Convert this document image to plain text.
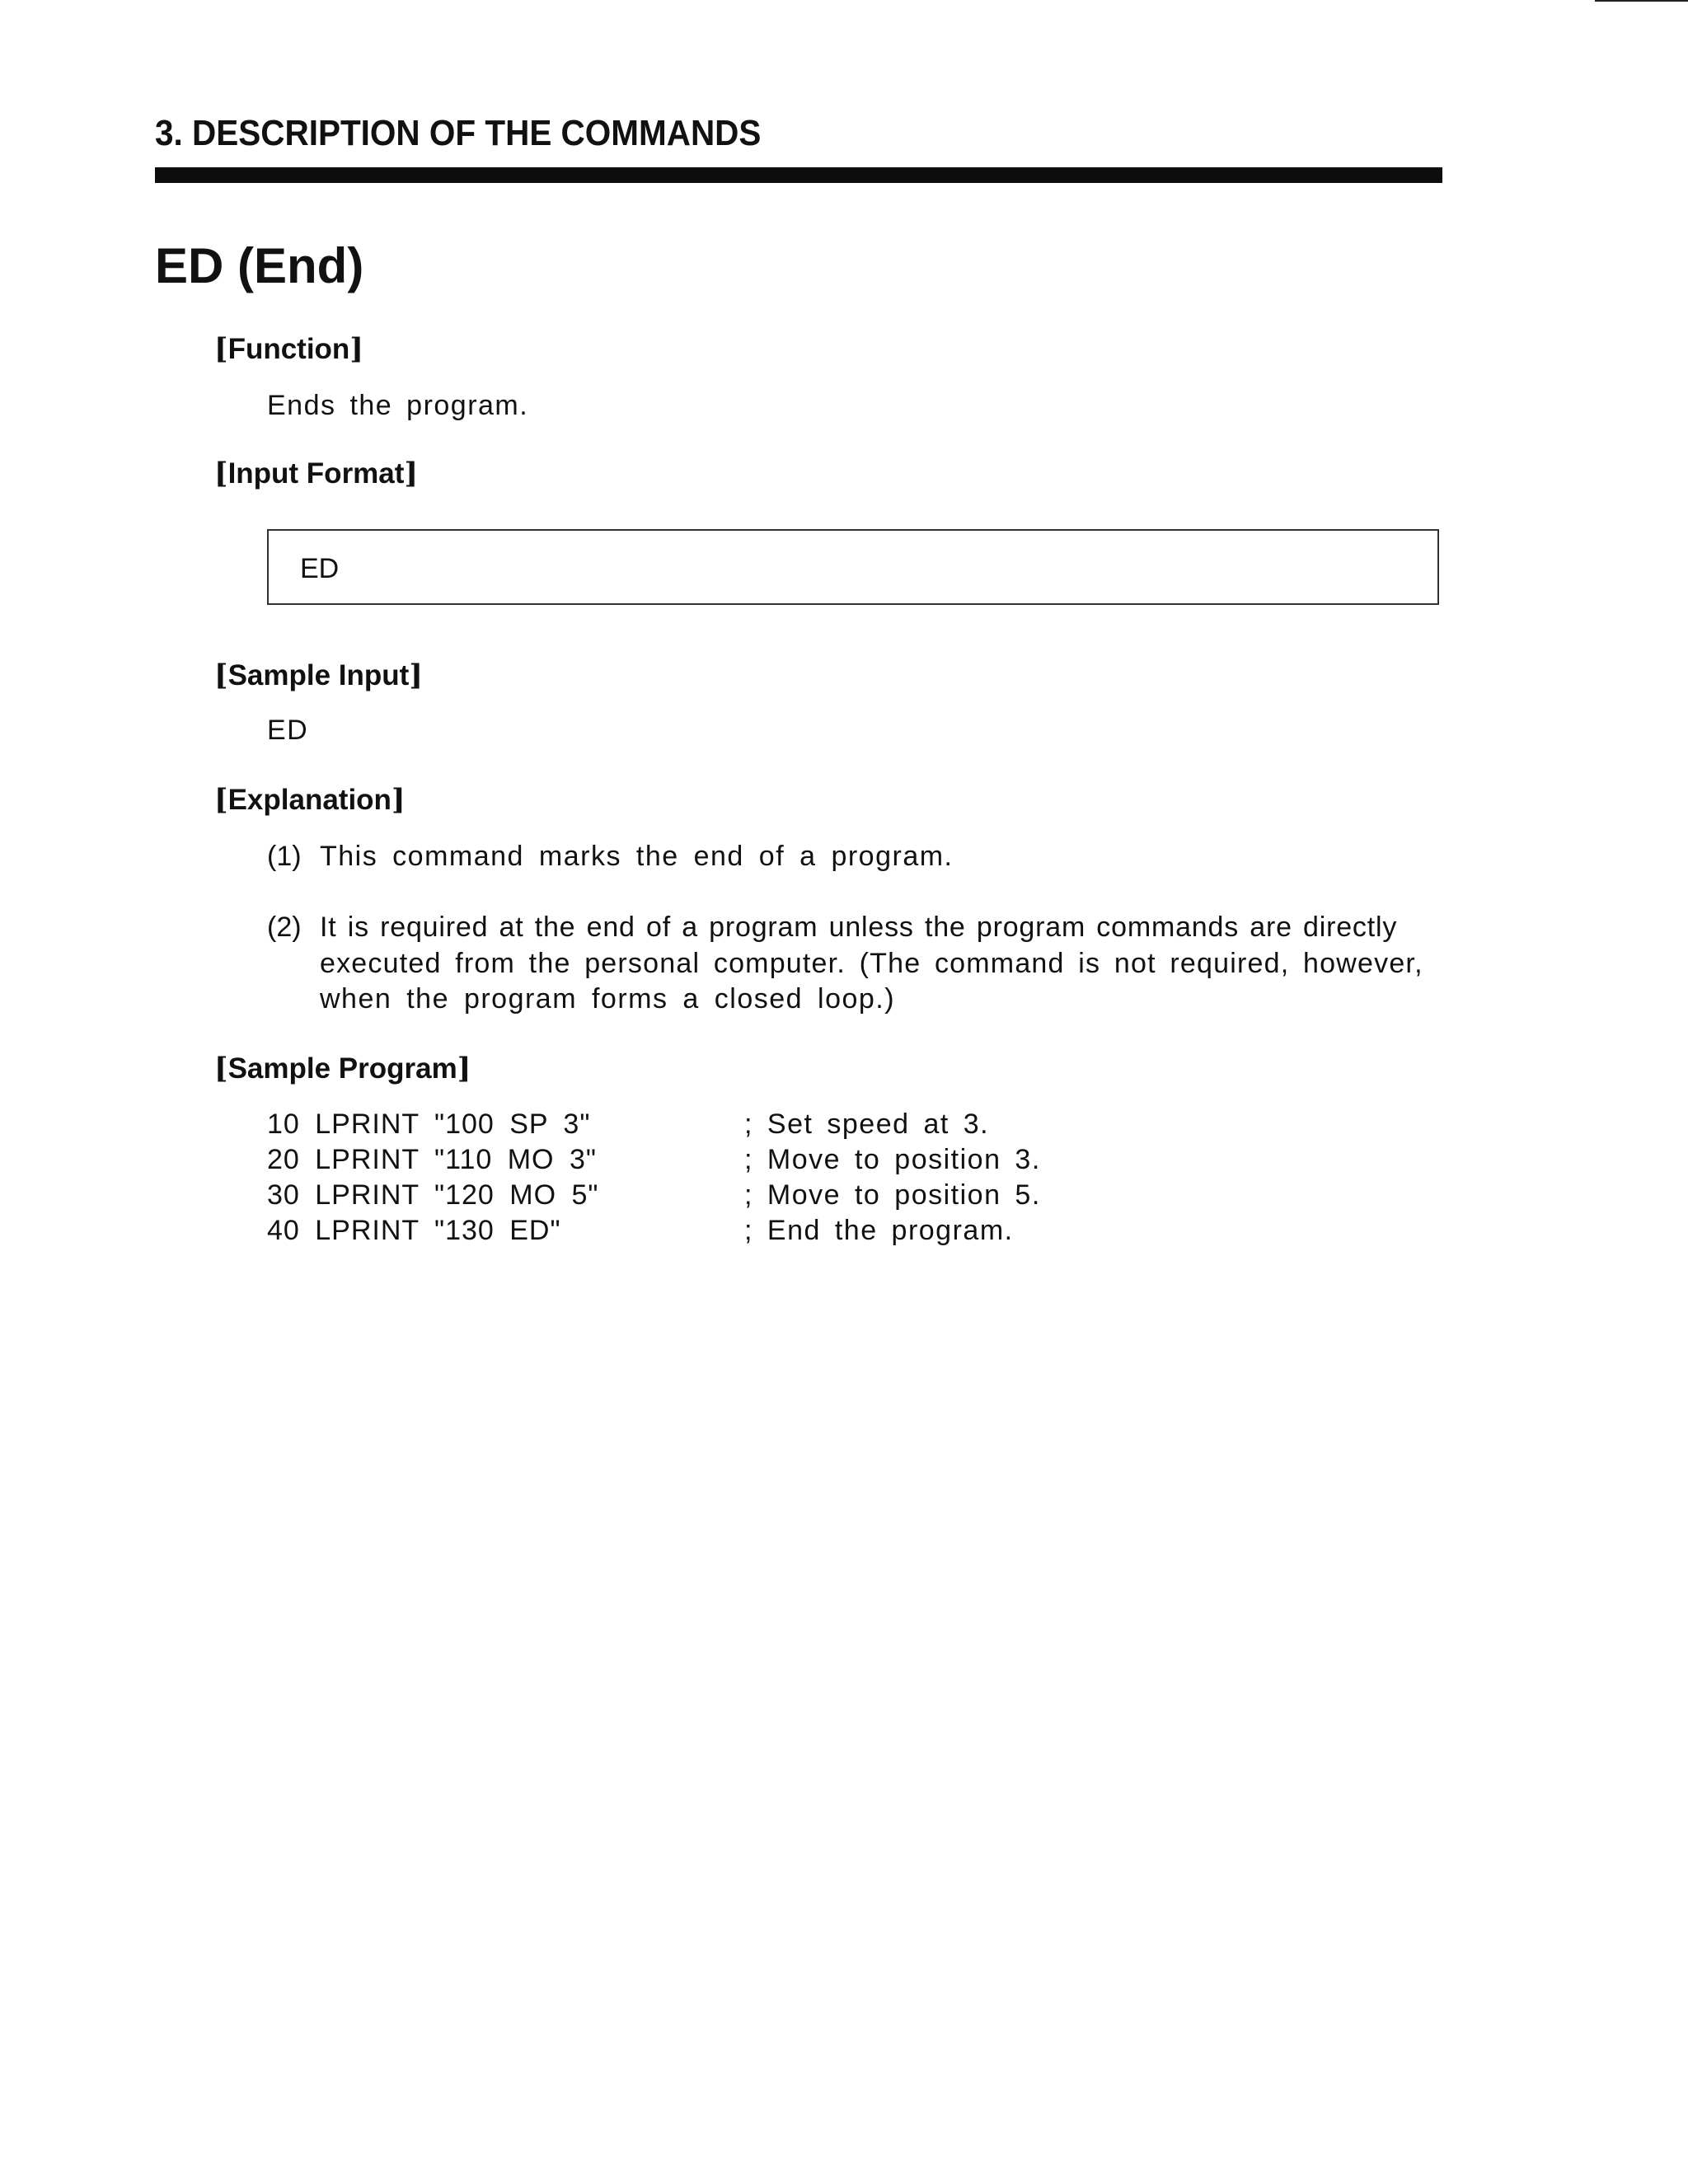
3. DESCRIPTION OF THE COMMANDS
ED (End)
[Function]
Ends the program.
[Input Format]
ED
[Sample Input]
ED
[Explanation]
(1) This command marks the end of a program.
(2) It is required at the end of a program unless the program commands are directly
executed from the personal computer. (The command is not required, however,
when the program forms a closed loop.)
[Sample Program]
10 LPRINT "100 SP 3"	; Set speed at 3.
20 LPRINT "110 MO 3"	; Move to position 3.
30 LPRINT "120 MO 5"	; Move to position 5.
40 LPRINT "130 ED"	; End the program.
